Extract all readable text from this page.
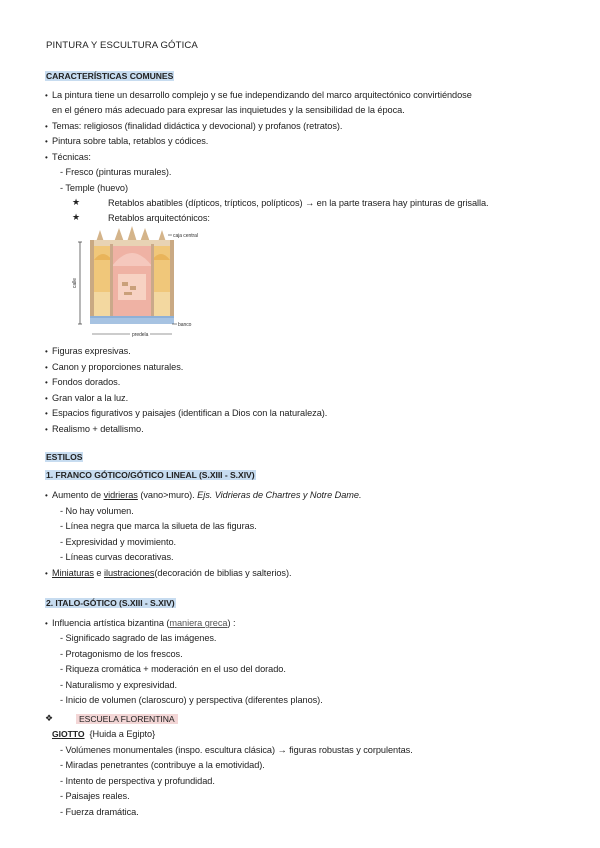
PINTURA Y ESCULTURA GÓTICA
CARACTERÍSTICAS COMUNES
• La pintura tiene un desarrollo complejo y se fue independizando del marco arquitectónico convirtiéndose
en el género más adecuado para expresar las inquietudes y la sensibilidad de la época.
• Temas: religiosos (finalidad didáctica y devocional) y profanos (retratos).
• Pintura sobre tabla, retablos y códices.
• Técnicas:
- Fresco (pinturas murales).
- Temple (huevo)
★	Retablos abatibles (dípticos, trípticos, polípticos) → en la parte trasera hay pinturas de grisalla.
★	Retablos arquitectónicos:
caja central
calle
banco
predela
• Figuras expresivas.
• Canon y proporciones naturales.
• Fondos dorados.
• Gran valor a la luz.
• Espacios figurativos y paisajes (identifican a Dios con la naturaleza).
• Realismo + detallismo.
ESTILOS
1. FRANCO GÓTICO/GÓTICO LINEAL (S.XIII - S.XIV)
• Aumento de vidrieras (vano>muro). Ejs. Vidrieras de Chartres y Notre Dame.
- No hay volumen.
- Línea negra que marca la silueta de las figuras.
- Expresividad y movimiento.
- Líneas curvas decorativas.
• Miniaturas e ilustraciones(decoración de biblias y salterios).
2. ITALO-GÓTICO (S.XIII - S.XIV)
• Influencia artística bizantina (maniera greca) :
- Significado sagrado de las imágenes.
- Protagonismo de los frescos.
- Riqueza cromática + moderación en el uso del dorado.
- Naturalismo y expresividad.
- Inicio de volumen (claroscuro) y perspectiva (diferentes planos).
❖	ESCUELA FLORENTINA
GIOTTO {Huida a Egipto}
- Volúmenes monumentales (inspo. escultura clásica) → figuras robustas y corpulentas.
- Miradas penetrantes (contribuye a la emotividad).
- Intento de perspectiva y profundidad.
- Paisajes reales.
- Fuerza dramática.
